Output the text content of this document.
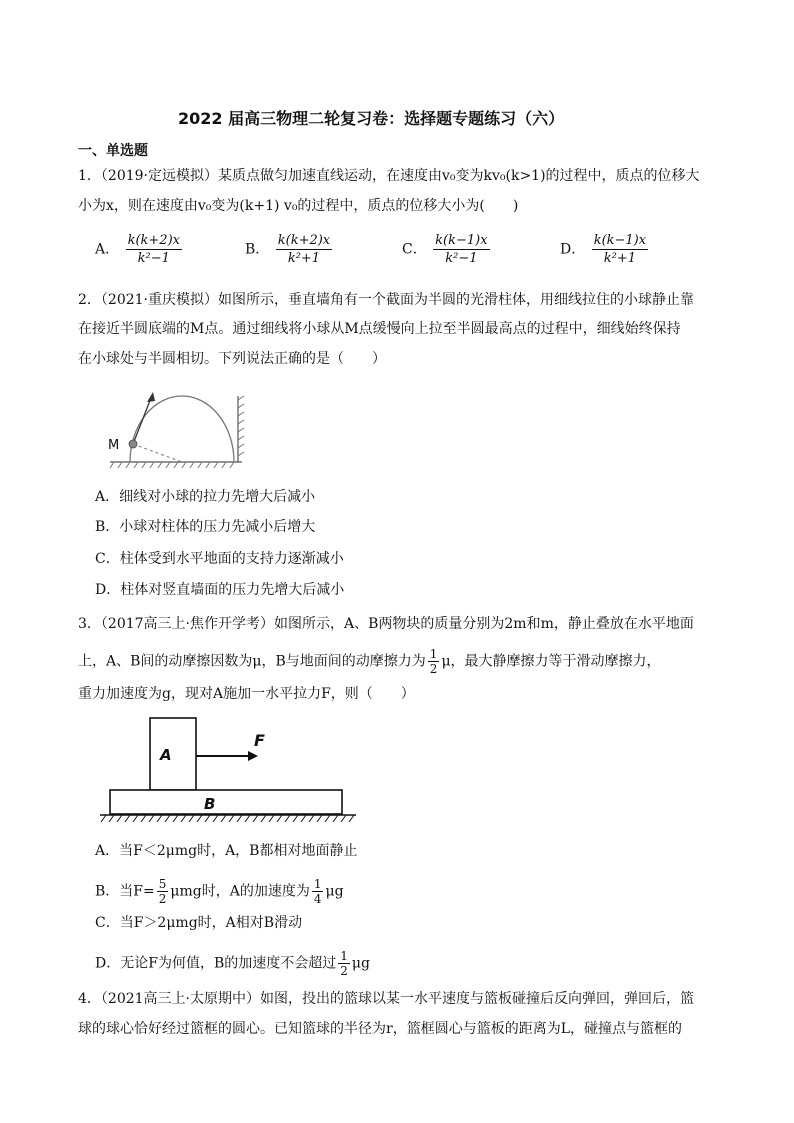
2022 届高三物理二轮复习卷：选择题专题练习（六）
一、单选题
1．（2019·定远模拟）某质点做匀加速直线运动，在速度由v₀变为kv₀(k>1)的过程中，质点的位移大
小为x，则在速度由v₀变为(k+1) v₀的过程中，质点的位移大小为(　　)
A． $\frac{k(k+2)x}{\text{k²−1}}$	B． $\frac{k(k+2)x}{\text{k²+1}}$	C． $\frac{k(k-1)x}{\text{k²−1}}$	D． $\frac{k(k-1)x}{\text{k²+1}}$
2．（2021·重庆模拟）如图所示，垂直墙角有一个截面为半圆的光滑柱体，用细线拉住的小球静止靠
在接近半圆底端的M点。通过细线将小球从M点缓慢向上拉至半圆最高点的过程中，细线始终保持
在小球处与半圆相切。下列说法正确的是（　　）
M
A．细线对小球的拉力先增大后减小
B．小球对柱体的压力先减小后增大
C．柱体受到水平地面的支持力逐渐减小
D．柱体对竖直墙面的压力先增大后减小
3．（2017高三上·焦作开学考）如图所示，A、B两物块的质量分别为2m和m，静止叠放在水平地面
上，A、B间的动摩擦因数为μ，B与地面间的动摩擦力为 $\frac{1}{2}$ μ，最大静摩擦力等于滑动摩擦力，
重力加速度为g，现对A施加一水平拉力F，则（　　）
A
F
B
A．当F＜2μmg时，A，B都相对地面静止
B．当$F= \frac{5}{2}$ μmg时，A的加速度为 $\frac{1}{4}$ μg
C．当F＞2μmg时，A相对B滑动
D．无论F为何值，B的加速度不会超过 $\frac{1}{2}$ μg
4．（2021高三上·太原期中）如图，投出的篮球以某一水平速度与篮板碰撞后反向弹回，弹回后，篮
球的球心恰好经过篮框的圆心。已知篮球的半径为r，篮框圆心与篮板的距离为L，碰撞点与篮框的
